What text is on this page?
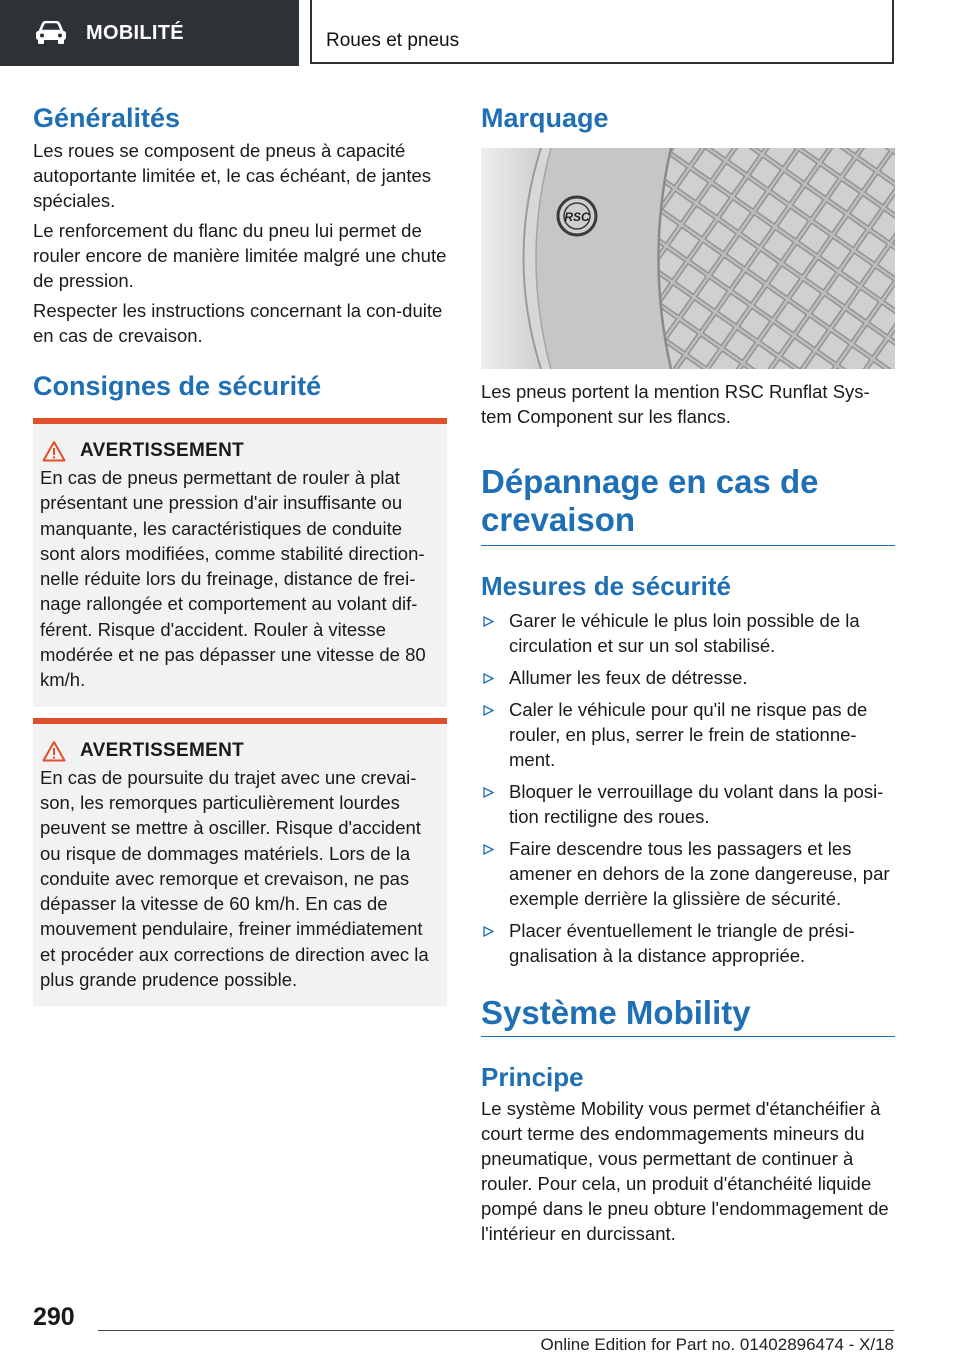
MOBILITÉ	Roues et pneus
Généralités

Les roues se composent de pneus à capacité autoportante limitée et, le cas échéant, de jantes spéciales.

Le renforcement du flanc du pneu lui permet de rouler encore de manière limitée malgré une chute de pression.

Respecter les instructions concernant la con-duite en cas de crevaison.

Consignes de sécurité
AVERTISSEMENT

En cas de pneus permettant de rouler à plat présentant une pression d'air insuffisante ou manquante, les caractéristiques de conduite sont alors modifiées, comme stabilité direction-nelle réduite lors du freinage, distance de frei-nage rallongée et comportement au volant dif-férent. Risque d'accident. Rouler à vitesse modérée et ne pas dépasser une vitesse de 80 km/h.

AVERTISSEMENT

En cas de poursuite du trajet avec une crevai-son, les remorques particulièrement lourdes peuvent se mettre à osciller. Risque d'accident ou risque de dommages matériels. Lors de la conduite avec remorque et crevaison, ne pas dépasser la vitesse de 60 km/h. En cas de mouvement pendulaire, freiner immédiatement et procéder aux corrections de direction avec la plus grande prudence possible.

Marquage
RSC

Les pneus portent la mention RSC Runflat Sys-tem Component sur les flancs.

Dépannage en cas de crevaison
Mesures de sécurité
Garer le véhicule le plus loin possible de la circulation et sur un sol stabilisé.
Allumer les feux de détresse.
Caler le véhicule pour qu'il ne risque pas de rouler, en plus, serrer le frein de stationne-ment.
Bloquer le verrouillage du volant dans la posi-tion rectiligne des roues.
Faire descendre tous les passagers et les amener en dehors de la zone dangereuse, par exemple derrière la glissière de sécurité.
Placer éventuellement le triangle de prési-gnalisation à la distance appropriée.
Système Mobility
Principe

Le système Mobility vous permet d'étanchéifier à court terme des endommagements mineurs du pneumatique, vous permettant de continuer à rouler. Pour cela, un produit d'étanchéité liquide pompé dans le pneu obture l'endommagement de l'intérieur en durcissant.

290
Online Edition for Part no. 01402896474 - X/18
